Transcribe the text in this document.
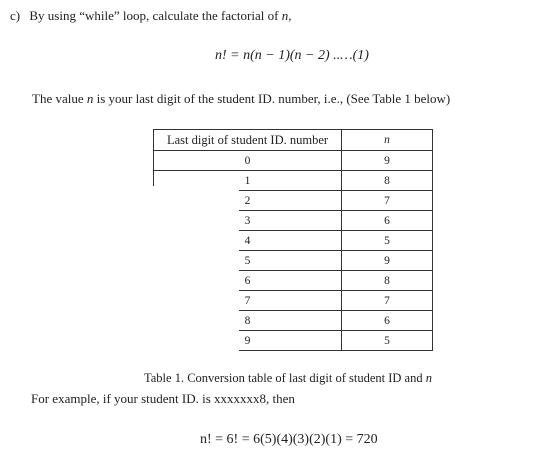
c) By using “while” loop, calculate the factorial of n,
n! = n(n − 1)(n − 2) ..…(1)
The value n is your last digit of the student ID. number, i.e., (See Table 1 below)
Last digit of student ID. number	n
0	9
1	8
2	7
3	6
4	5
5	9
6	8
7	7
8	6
9	5
Table 1. Conversion table of last digit of student ID and n
For example, if your student ID. is xxxxxxx8, then
n! = 6! = 6(5)(4)(3)(2)(1) = 720
